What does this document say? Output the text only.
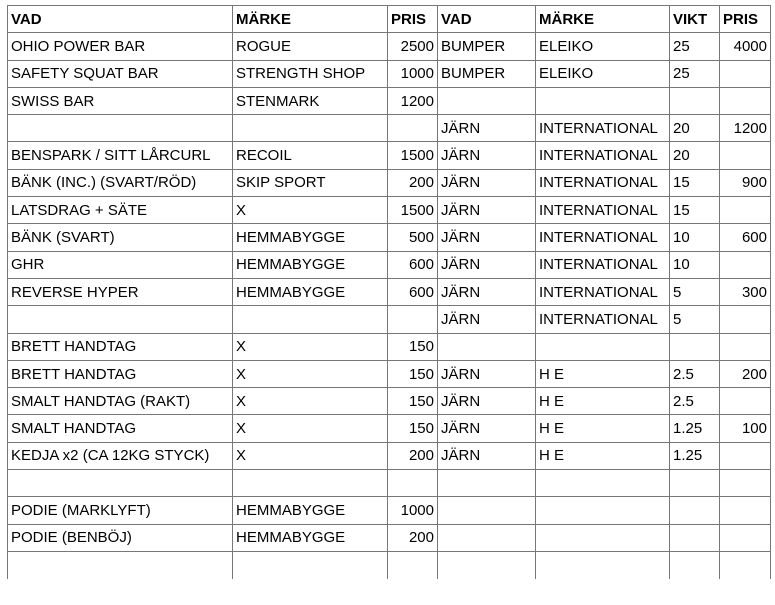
VAD	MÄRKE	PRIS	VAD	MÄRKE	VIKT	PRIS
OHIO POWER BAR	ROGUE	2500	BUMPER	ELEIKO	25	4000
SAFETY SQUAT BAR	STRENGTH SHOP	1000	BUMPER	ELEIKO	25	
SWISS BAR	STENMARK	1200				
			JÄRN	INTERNATIONAL	20	1200
BENSPARK / SITT LÅRCURL	RECOIL	1500	JÄRN	INTERNATIONAL	20	
BÄNK (INC.) (SVART/RÖD)	SKIP SPORT	200	JÄRN	INTERNATIONAL	15	900
LATSDRAG + SÄTE	X	1500	JÄRN	INTERNATIONAL	15	
BÄNK (SVART)	HEMMABYGGE	500	JÄRN	INTERNATIONAL	10	600
GHR	HEMMABYGGE	600	JÄRN	INTERNATIONAL	10	
REVERSE HYPER	HEMMABYGGE	600	JÄRN	INTERNATIONAL	5	300
			JÄRN	INTERNATIONAL	5	
BRETT HANDTAG	X	150				
BRETT HANDTAG	X	150	JÄRN	H E	2.5	200
SMALT HANDTAG (RAKT)	X	150	JÄRN	H E	2.5	
SMALT HANDTAG	X	150	JÄRN	H E	1.25	100
KEDJA x2 (CA 12KG STYCK)	X	200	JÄRN	H E	1.25	

PODIE (MARKLYFT)	HEMMABYGGE	1000				
PODIE (BENBÖJ)	HEMMABYGGE	200				
